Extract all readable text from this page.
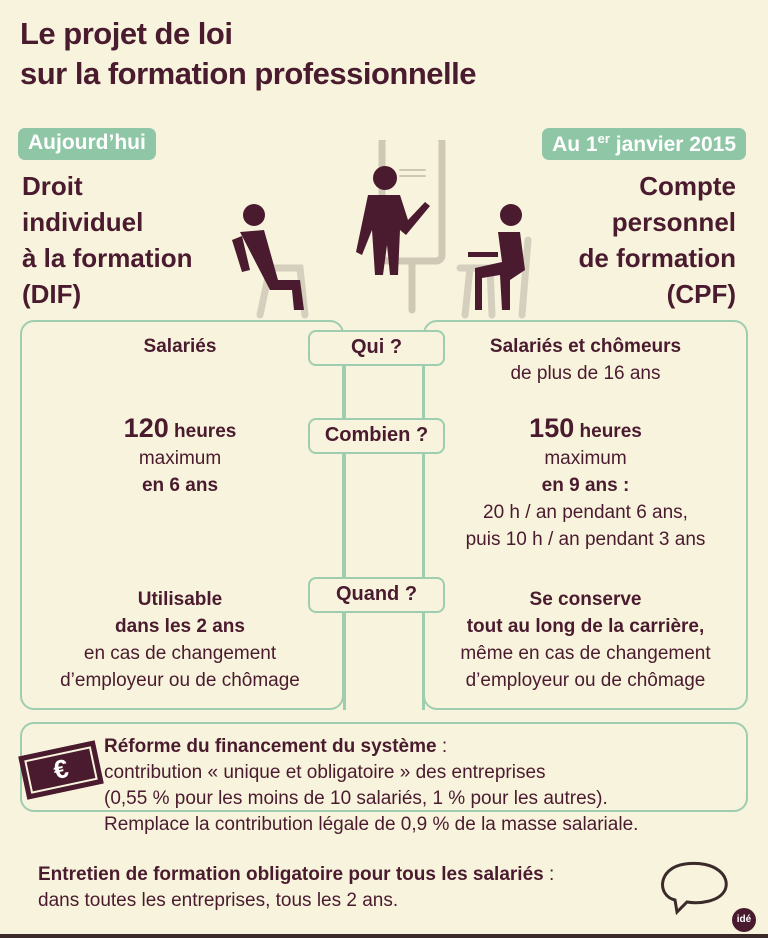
Le projet de loi
sur la formation professionnelle
Aujourd’hui	Au 1er janvier 2015
Droit
individuel
à la formation
(DIF)
Compte
personnel
de formation
(CPF)
Qui ?
Combien ?
Quand ?
Salariés
120 heures
maximum
en 6 ans
Utilisable
dans les 2 ans
en cas de changement
d’employeur ou de chômage
Salariés et chômeurs
de plus de 16 ans
150 heures
maximum
en 9 ans :
20 h / an pendant 6 ans,
puis 10 h / an pendant 3 ans
Se conserve
tout au long de la carrière,
même en cas de changement
d’employeur ou de chômage
€
Réforme du financement du système :
contribution « unique et obligatoire » des entreprises
(0,55 % pour les moins de 10 salariés, 1 % pour les autres).
Remplace la contribution légale de 0,9 % de la masse salariale.
Entretien de formation obligatoire pour tous les salariés :
dans toutes les entreprises, tous les 2 ans.
idé
